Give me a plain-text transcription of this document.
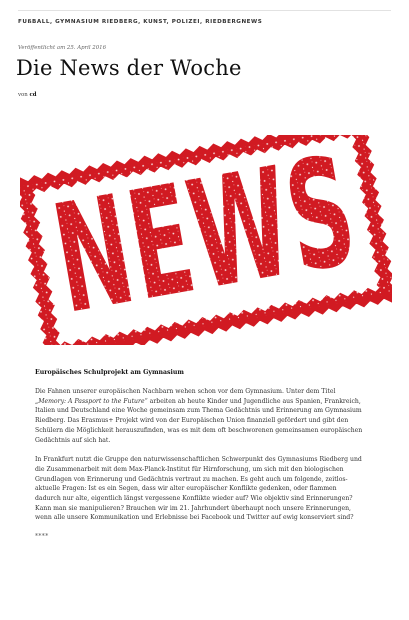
FUßBALL, GYMNASIUM RIEDBERG, KUNST, POLIZEI, RIEDBERGNEWS
Veröffentlicht am 25. April 2016
Die News der Woche
von cd

Europäisches Schulprojekt am Gymnasium

Die Fahnen unserer europäischen Nachbarn wehen schon vor dem Gymnasium. Unter dem Titel „Memory: A Passport to the Future“ arbeiten ab heute Kinder und Jugendliche aus Spanien, Frankreich, Italien und Deutschland eine Woche gemeinsam zum Thema Gedächtnis und Erinnerung am Gymnasium Riedberg. Das Erasmus+ Projekt wird von der Europäischen Union finanziell gefördert und gibt den Schülern die Möglichkeit herauszufinden, was es mit dem oft beschworenen gemeinsamen europäischen Gedächtnis auf sich hat.

In Frankfurt nutzt die Gruppe den naturwissenschaftlichen Schwerpunkt des Gymnasiums Riedberg und die Zusammenarbeit mit dem Max-Planck-Institut für Hirnforschung, um sich mit den biologischen Grundlagen von Erinnerung und Gedächtnis vertraut zu machen. Es geht auch um folgende, zeitlos-aktuelle Fragen: Ist es ein Segen, dass wir alter europäischer Konflikte gedenken, oder flammen dadurch nur alte, eigentlich längst vergessene Konflikte wieder auf? Wie objektiv sind Erinnerungen? Kann man sie manipulieren? Brauchen wir im 21. Jahrhundert überhaupt noch unsere Erinnerungen, wenn alle unsere Kommunikation und Erlebnisse bei Facebook und Twitter auf ewig konserviert sind?

****
